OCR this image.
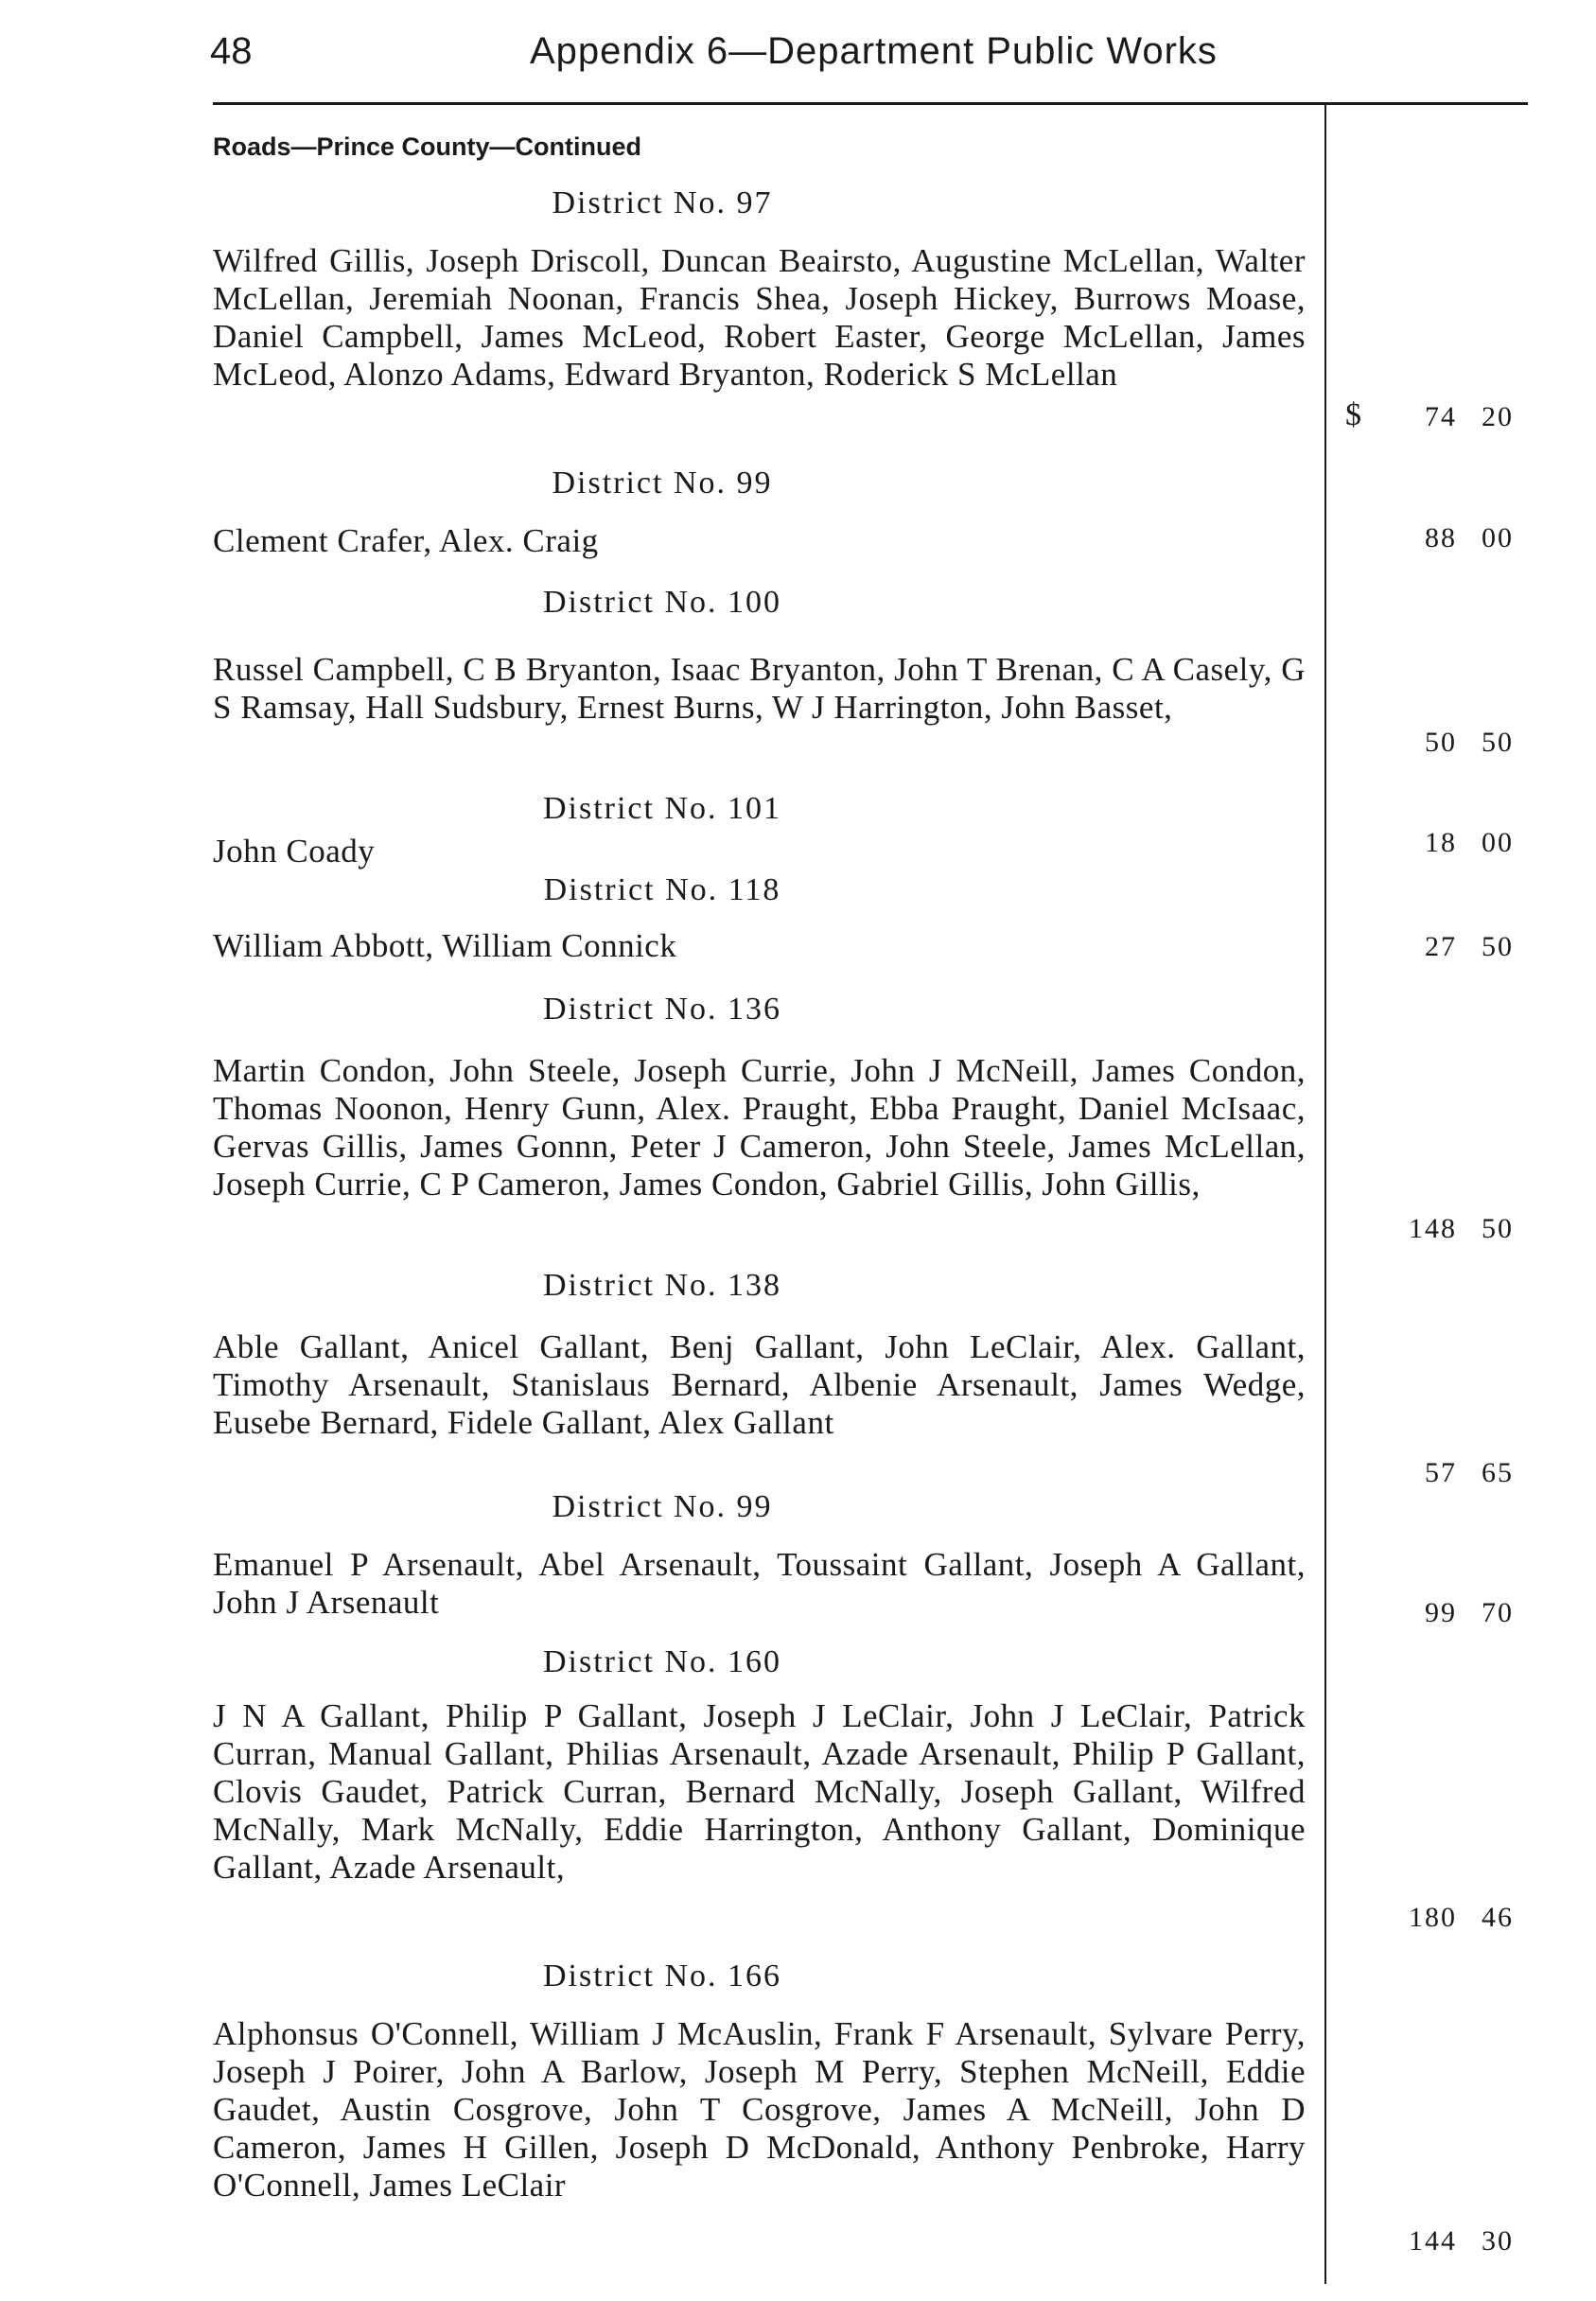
48	Appendix 6—Department Public Works
Roads—Prince County—Continued
District No. 97
Wilfred Gillis, Joseph Driscoll, Duncan Beairsto, Augustine McLellan, Walter McLellan, Jeremiah Noonan, Francis Shea, Joseph Hickey, Burrows Moase, Daniel Campbell, James McLeod, Robert Easter, George McLellan, James McLeod, Alonzo Adams, Edward Bryanton, Roderick S McLellan
$	74 20
District No. 99
Clement Crafer, Alex. Craig	88 00
District No. 100
Russel Campbell, C B Bryanton, Isaac Bryanton, John T Brenan, C A Casely, G S Ramsay, Hall Sudsbury, Ernest Burns, W J Harrington, John Basset,
50 50
District No. 101
John Coady	18 00
District No. 118
William Abbott, William Connick	27 50
District No. 136
Martin Condon, John Steele, Joseph Currie, John J McNeill, James Condon, Thomas Noonon, Henry Gunn, Alex. Praught, Ebba Praught, Daniel McIsaac, Gervas Gillis, James Gonnn, Peter J Cameron, John Steele, James McLellan, Joseph Currie, C P Cameron, James Condon, Gabriel Gillis, John Gillis,
148 50
District No. 138
Able Gallant, Anicel Gallant, Benj Gallant, John LeClair, Alex. Gallant, Timothy Arsenault, Stanislaus Bernard, Albenie Arsenault, James Wedge, Eusebe Bernard, Fidele Gallant, Alex Gallant
57 65
District No. 99
Emanuel P Arsenault, Abel Arsenault, Toussaint Gallant, Joseph A Gallant, John J Arsenault	99 70
District No. 160
J N A Gallant, Philip P Gallant, Joseph J LeClair, John J LeClair, Patrick Curran, Manual Gallant, Philias Arsenault, Azade Arsenault, Philip P Gallant, Clovis Gaudet, Patrick Curran, Bernard McNally, Joseph Gallant, Wilfred McNally, Mark McNally, Eddie Harrington, Anthony Gallant, Dominique Gallant, Azade Arsenault,
180 46
District No. 166
Alphonsus O'Connell, William J McAuslin, Frank F Arsenault, Sylvare Perry, Joseph J Poirer, John A Barlow, Joseph M Perry, Stephen McNeill, Eddie Gaudet, Austin Cosgrove, John T Cosgrove, James A McNeill, John D Cameron, James H Gillen, Joseph D McDonald, Anthony Penbroke, Harry O'Connell, James LeClair
144 30
